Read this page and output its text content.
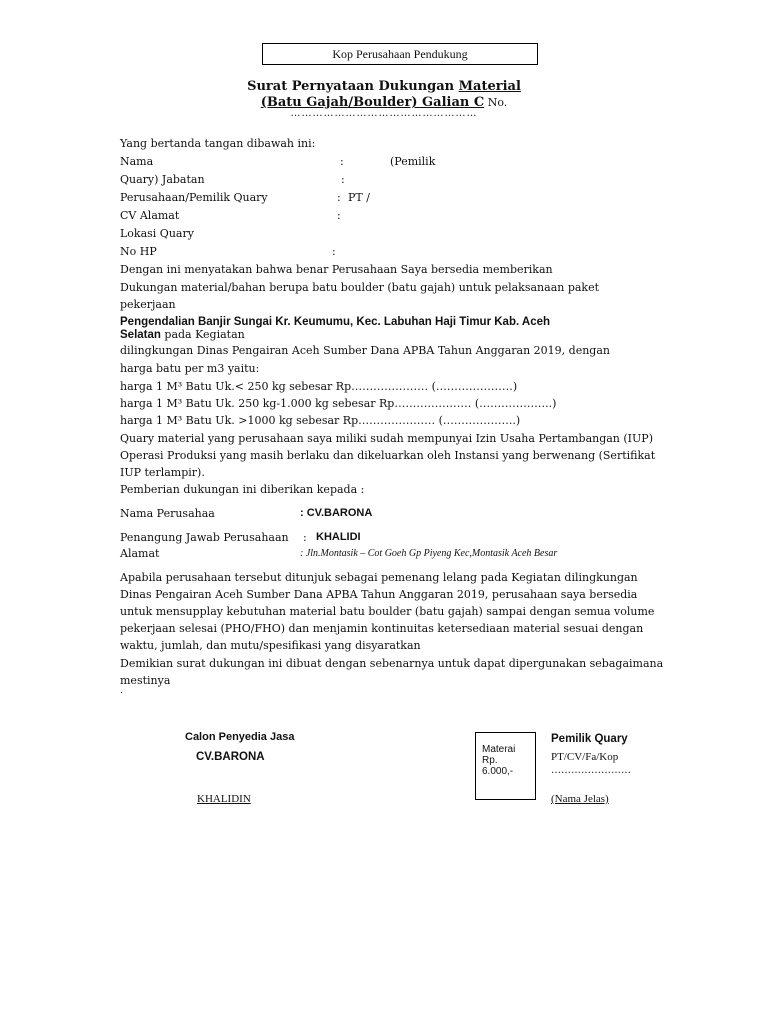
Kop Perusahaan Pendukung
Surat Pernyataan Dukungan Material
(Batu Gajah/Boulder) Galian C No.
……………………………………………
Yang bertanda tangan dibawah ini:
Nama	:	(Pemilik
Quary) Jabatan	:
Perusahaan/Pemilik Quary	: PT /
CV Alamat	:
Lokasi Quary
No HP	:
Dengan ini menyatakan bahwa benar Perusahaan Saya bersedia memberikan
Dukungan material/bahan berupa batu boulder (batu gajah) untuk pelaksanaan paket
pekerjaan
Pengendalian Banjir Sungai Kr. Keumumu, Kec. Labuhan Haji Timur Kab. Aceh
Selatan pada Kegiatan
dilingkungan Dinas Pengairan Aceh Sumber Dana APBA Tahun Anggaran 2019, dengan
harga batu per m3 yaitu:
harga 1 M³ Batu Uk.< 250 kg sebesar Rp………………… (…………………)
harga 1 M³ Batu Uk. 250 kg-1.000 kg sebesar Rp………………… (………………..)
harga 1 M³ Batu Uk. >1000 kg sebesar Rp………………… (………………..)
Quary material yang perusahaan saya miliki sudah mempunyai Izin Usaha Pertambangan (IUP)
Operasi Produksi yang masih berlaku dan dikeluarkan oleh Instansi yang berwenang (Sertifikat
IUP terlampir).
Pemberian dukungan ini diberikan kepada :
Nama Perusahaa	: CV.BARONA
Penangung Jawab Perusahaan : KHALIDI
Alamat	: Jln.Montasik – Cot Goeh Gp Piyeng Kec,Montasik Aceh Besar
Apabila perusahaan tersebut ditunjuk sebagai pemenang lelang pada Kegiatan dilingkungan
Dinas Pengairan Aceh Sumber Dana APBA Tahun Anggaran 2019, perusahaan saya bersedia
untuk mensupplay kebutuhan material batu boulder (batu gajah) sampai dengan semua volume
pekerjaan selesai (PHO/FHO) dan menjamin kontinuitas ketersediaan material sesuai dengan
waktu, jumlah, dan mutu/spesifikasi yang disyaratkan
Demikian surat dukungan ini dibuat dengan sebenarnya untuk dapat dipergunakan sebagaimana
mestinya
.
Calon Penyedia Jasa
CV.BARONA
KHALIDIN
Materai
Rp.
6.000,-
Pemilik Quary
PT/CV/Fa/Kop
……………………
(Nama Jelas)
